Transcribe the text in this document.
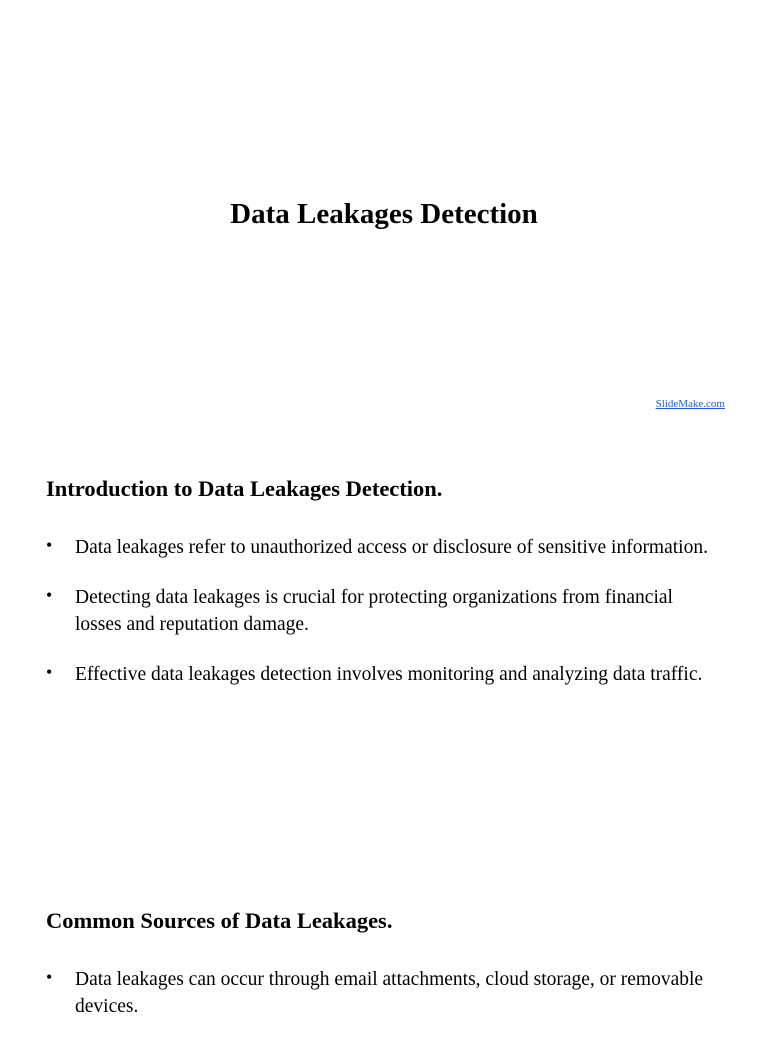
Data Leakages Detection
SlideMake.com
Introduction to Data Leakages Detection.
• Data leakages refer to unauthorized access or disclosure of sensitive information.
• Detecting data leakages is crucial for protecting organizations from financial losses and reputation damage.
• Effective data leakages detection involves monitoring and analyzing data traffic.
Common Sources of Data Leakages.
• Data leakages can occur through email attachments, cloud storage, or removable devices.
